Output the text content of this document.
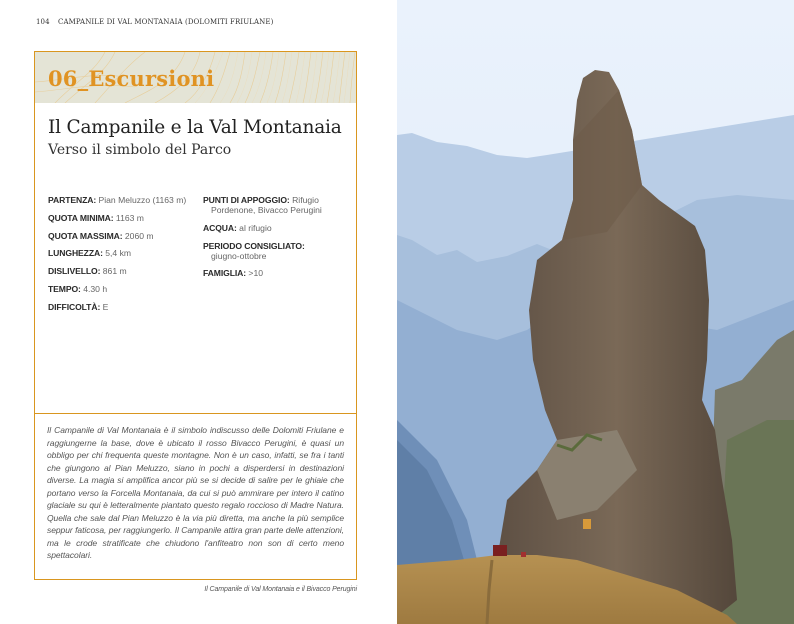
104 CAMPANILE DI VAL MONTANAIA (DOLOMITI FRIULANE)
06_Escursioni
Il Campanile e la Val Montanaia
Verso il simbolo del Parco
PARTENZA: Pian Meluzzo (1163 m)
QUOTA MINIMA: 1163 m
QUOTA MASSIMA: 2060 m
LUNGHEZZA: 5,4 km
DISLIVELLO: 861 m
TEMPO: 4.30 h
DIFFICOLTÀ: E
PUNTI DI APPOGGIO: Rifugio
Pordenone, Bivacco Perugini
ACQUA: al rifugio
PERIODO CONSIGLIATO:
giugno-ottobre
FAMIGLIA: >10

Il Campanile di Val Montanaia è il simbolo indiscusso delle Dolomiti Friulane e raggiungerne la base, dove è ubicato il rosso Bivacco Perugini, è quasi un obbligo per chi frequenta queste montagne. Non è un caso, infatti, se fra i tanti che giungono al Pian Meluzzo, siano in pochi a disperdersi in destinazioni diverse. La magia si amplifica ancor più se si decide di salire per le ghiaie che portano verso la Forcella Montanaia, da cui si può ammirare per intero il catino glaciale su qui è letteralmente piantato questo regalo roccioso di Madre Natura. Quella che sale dal Pian Meluzzo è la via più diretta, ma anche la più semplice seppur faticosa, per raggiungerlo. Il Campanile attira gran parte delle attenzioni, ma le crode stratificate che chiudono l'anfiteatro non son di certo meno spettacolari.

Il Campanile di Val Montanaia e il Bivacco Perugini
